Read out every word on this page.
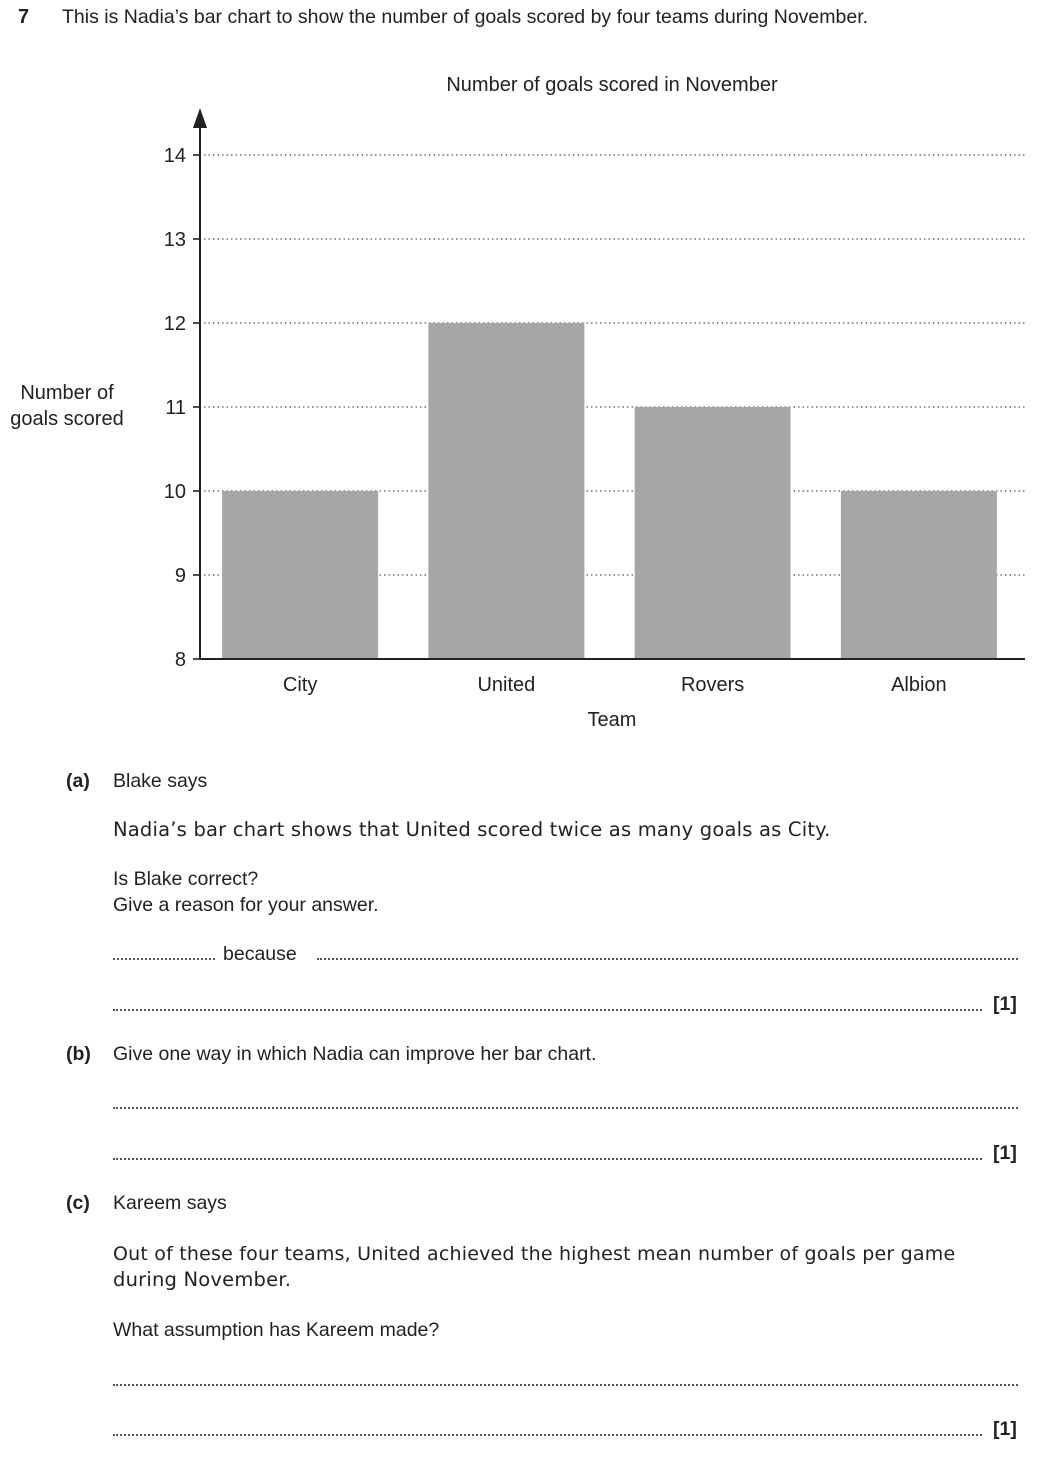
7 This is Nadia’s bar chart to show the number of goals scored by four teams during November.
Number of goals scored in November
City	United	Rovers	Albion
8
9
10
11
12
13
14
Team
Number of
goals scored
(a) Blake says
Nadia’s bar chart shows that United scored twice as many goals as City.
Is Blake correct?
Give a reason for your answer.
because
[1]
(b) Give one way in which Nadia can improve her bar chart.
[1]
(c) Kareem says
Out of these four teams, United achieved the highest mean number of goals per game
during November.
What assumption has Kareem made?
[1]
